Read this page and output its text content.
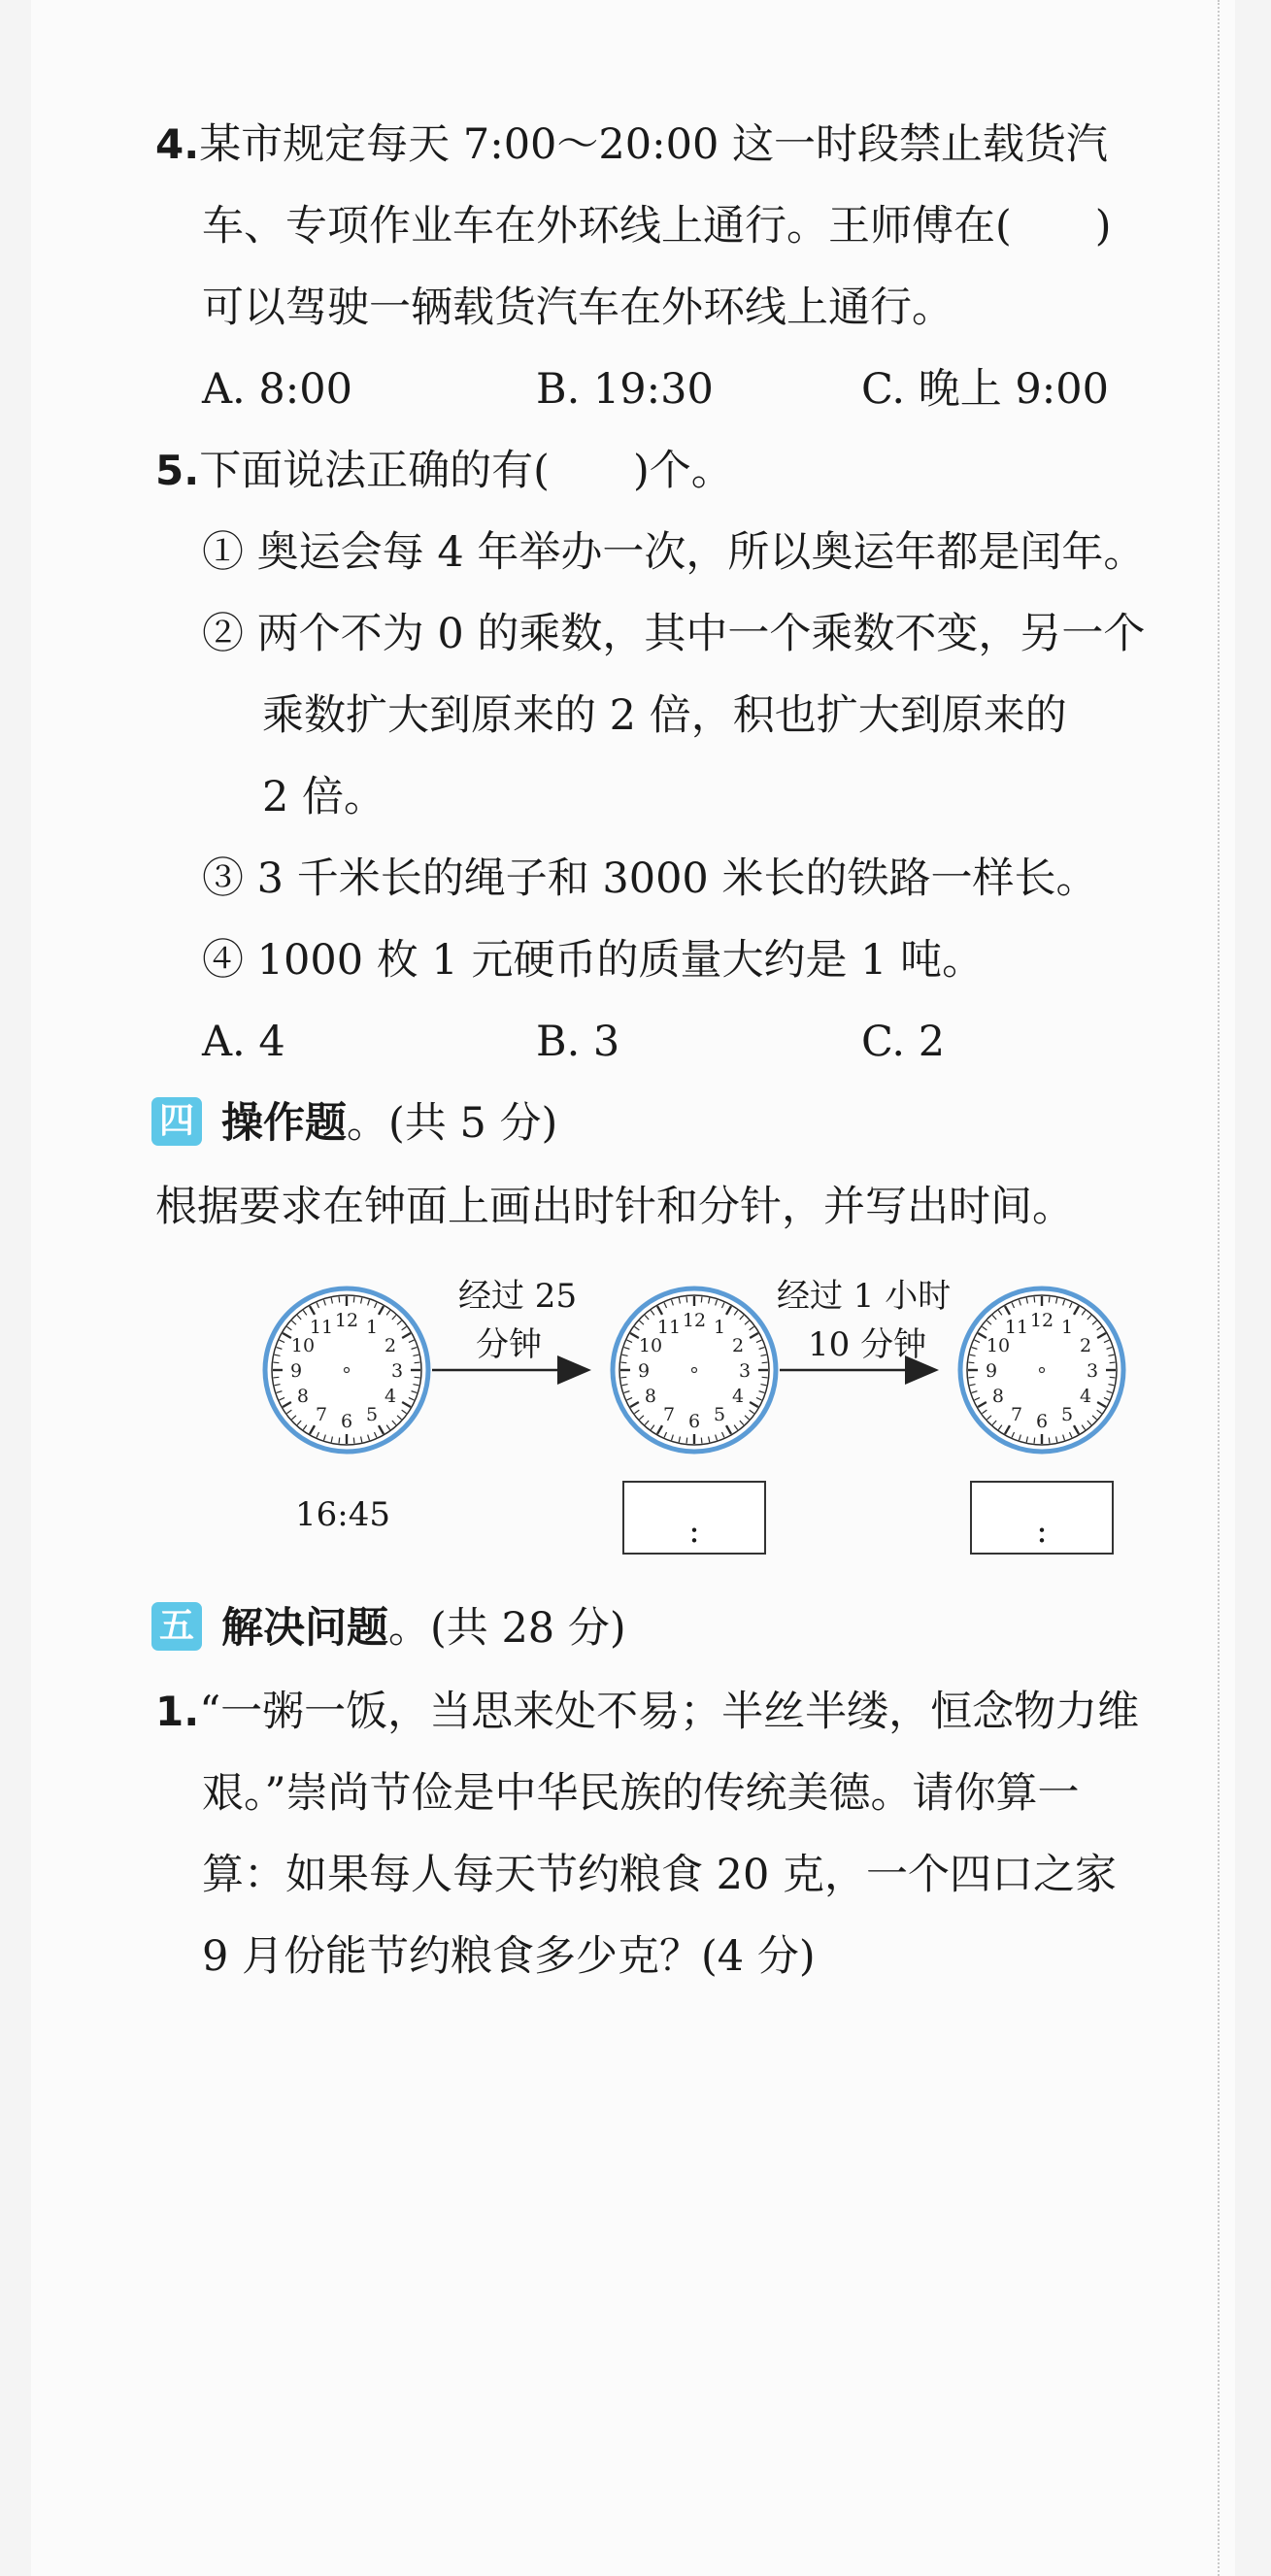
4.某市规定每天 7:00～20:00 这一时段禁止载货汽
车、专项作业车在外环线上通行。王师傅在(　　)
可以驾驶一辆载货汽车在外环线上通行。
A. 8:00	B. 19:30	C. 晚上 9:00
5.下面说法正确的有(　　)个。
① 奥运会每 4 年举办一次，所以奥运年都是闰年。
② 两个不为 0 的乘数，其中一个乘数不变，另一个
乘数扩大到原来的 2 倍，积也扩大到原来的
2 倍。
③ 3 千米长的绳子和 3000 米长的铁路一样长。
④ 1000 枚 1 元硬币的质量大约是 1 吨。
A. 4	B. 3	C. 2
四 操作题。(共 5 分)
根据要求在钟面上画出时针和分针，并写出时间。
12 1
2
3
4
5
6
7
8
9
10
11	12 1
2
3
4
5
6
7
8
9
10
11	12 1
2
3
4
5
6
7
8
9
10
11
经过 25
分钟
经过 1 小时
10 分钟
16:45	:	:
五 解决问题。(共 28 分)
1.“一粥一饭，当思来处不易；半丝半缕，恒念物力维
艰。”崇尚节俭是中华民族的传统美德。请你算一
算：如果每人每天节约粮食 20 克，一个四口之家
9 月份能节约粮食多少克？(4 分)
